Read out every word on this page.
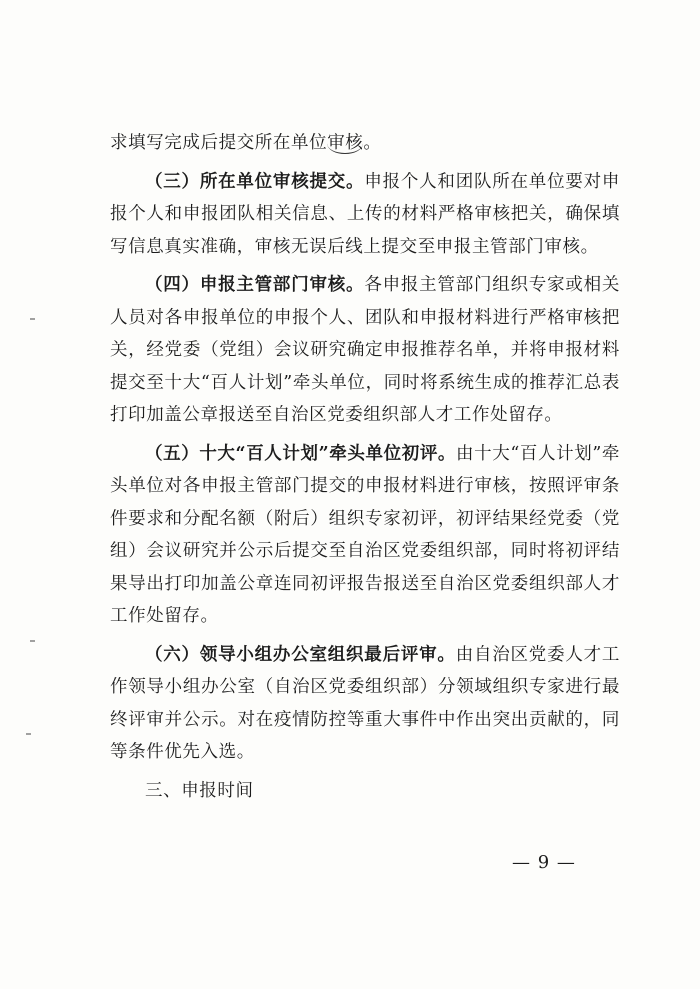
求填写完成后提交所在单位审核。

（三）所在单位审核提交。申报个人和团队所在单位要对申报个人和申报团队相关信息、上传的材料严格审核把关，确保填写信息真实准确，审核无误后线上提交至申报主管部门审核。

（四）申报主管部门审核。各申报主管部门组织专家或相关人员对各申报单位的申报个人、团队和申报材料进行严格审核把关，经党委（党组）会议研究确定申报推荐名单，并将申报材料提交至十大“百人计划”牵头单位，同时将系统生成的推荐汇总表打印加盖公章报送至自治区党委组织部人才工作处留存。

（五）十大“百人计划”牵头单位初评。由十大“百人计划”牵头单位对各申报主管部门提交的申报材料进行审核，按照评审条件要求和分配名额（附后）组织专家初评，初评结果经党委（党组）会议研究并公示后提交至自治区党委组织部，同时将初评结果导出打印加盖公章连同初评报告报送至自治区党委组织部人才工作处留存。

（六）领导小组办公室组织最后评审。由自治区党委人才工作领导小组办公室（自治区党委组织部）分领域组织专家进行最终评审并公示。对在疫情防控等重大事件中作出突出贡献的，同等条件优先入选。

三、申报时间

— 9 —
